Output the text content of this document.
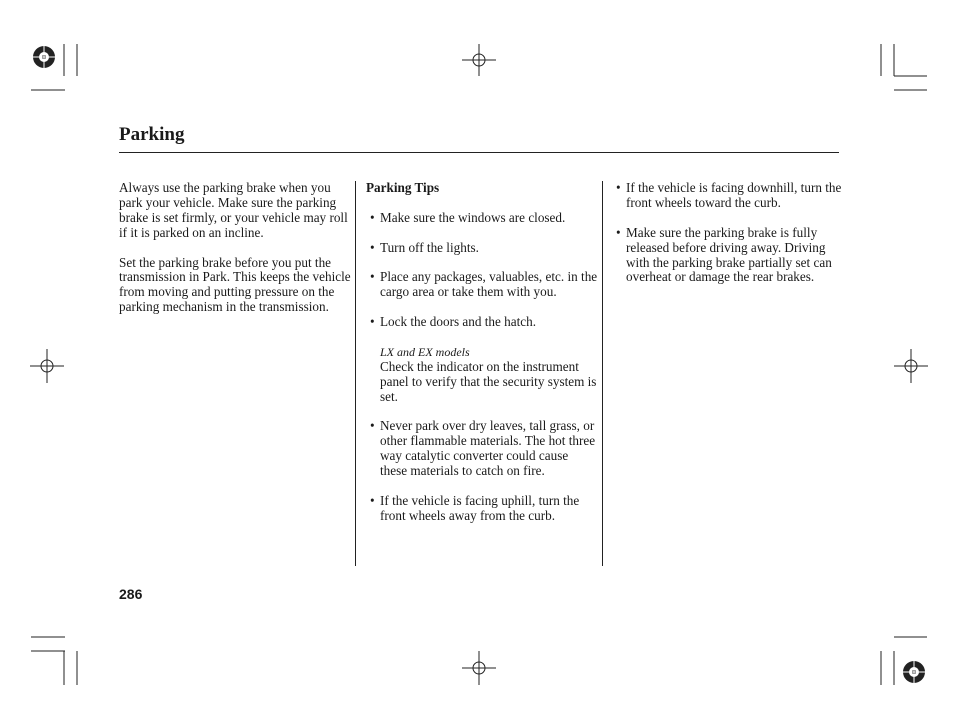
Parking

Always use the parking brake when you park your vehicle. Make sure the parking brake is set firmly, or your vehicle may roll if it is parked on an incline.

Set the parking brake before you put the transmission in Park. This keeps the vehicle from moving and putting pressure on the parking mechanism in the transmission.

Parking Tips
• Make sure the windows are closed.
• Turn off the lights.
• Place any packages, valuables, etc. in the cargo area or take them with you.
• Lock the doors and the hatch.
LX and EX models
Check the indicator on the instrument panel to verify that the security system is set.
• Never park over dry leaves, tall grass, or other flammable materials. The hot three way catalytic converter could cause these materials to catch on fire.
• If the vehicle is facing uphill, turn the front wheels away from the curb.
• If the vehicle is facing downhill, turn the front wheels toward the curb.
• Make sure the parking brake is fully released before driving away. Driving with the parking brake partially set can overheat or damage the rear brakes.
286
